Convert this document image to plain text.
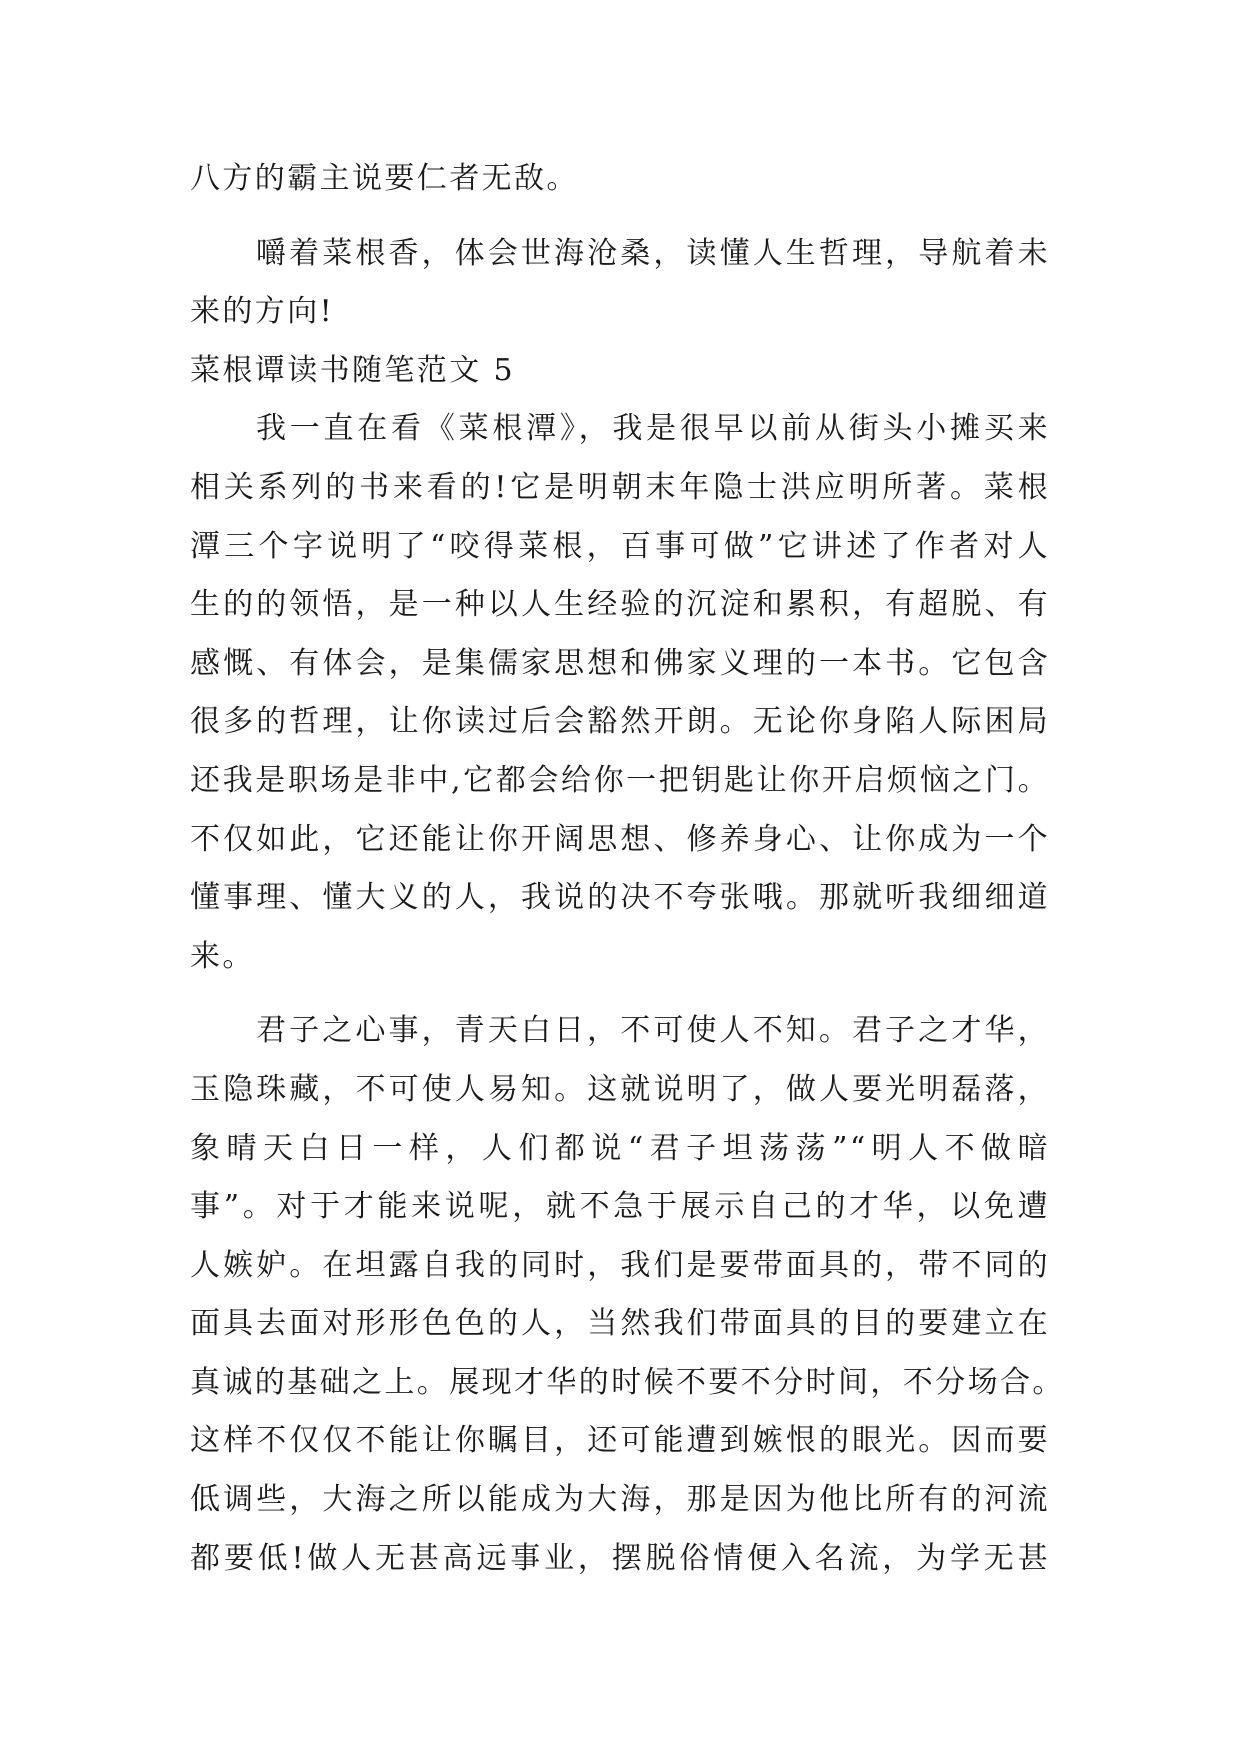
八方的霸主说要仁者无敌。
嚼着菜根香，体会世海沧桑，读懂人生哲理，导航着未
来的方向!
菜根谭读书随笔范文 5
我一直在看《菜根潭》，我是很早以前从街头小摊买来
相关系列的书来看的!它是明朝末年隐士洪应明所著。菜根
潭三个字说明了“咬得菜根，百事可做”它讲述了作者对人
生的的领悟，是一种以人生经验的沉淀和累积，有超脱、有
感慨、有体会，是集儒家思想和佛家义理的一本书。它包含
很多的哲理，让你读过后会豁然开朗。无论你身陷人际困局
还我是职场是非中,它都会给你一把钥匙让你开启烦恼之门。
不仅如此，它还能让你开阔思想、修养身心、让你成为一个
懂事理、懂大义的人，我说的决不夸张哦。那就听我细细道
来。
君子之心事，青天白日，不可使人不知。君子之才华，
玉隐珠藏，不可使人易知。这就说明了，做人要光明磊落，
象晴天白日一样，人们都说“君子坦荡荡”“明人不做暗
事”。对于才能来说呢，就不急于展示自己的才华，以免遭
人嫉妒。在坦露自我的同时，我们是要带面具的，带不同的
面具去面对形形色色的人，当然我们带面具的目的要建立在
真诚的基础之上。展现才华的时候不要不分时间，不分场合。
这样不仅仅不能让你瞩目，还可能遭到嫉恨的眼光。因而要
低调些，大海之所以能成为大海，那是因为他比所有的河流
都要低!做人无甚高远事业，摆脱俗情便入名流，为学无甚
